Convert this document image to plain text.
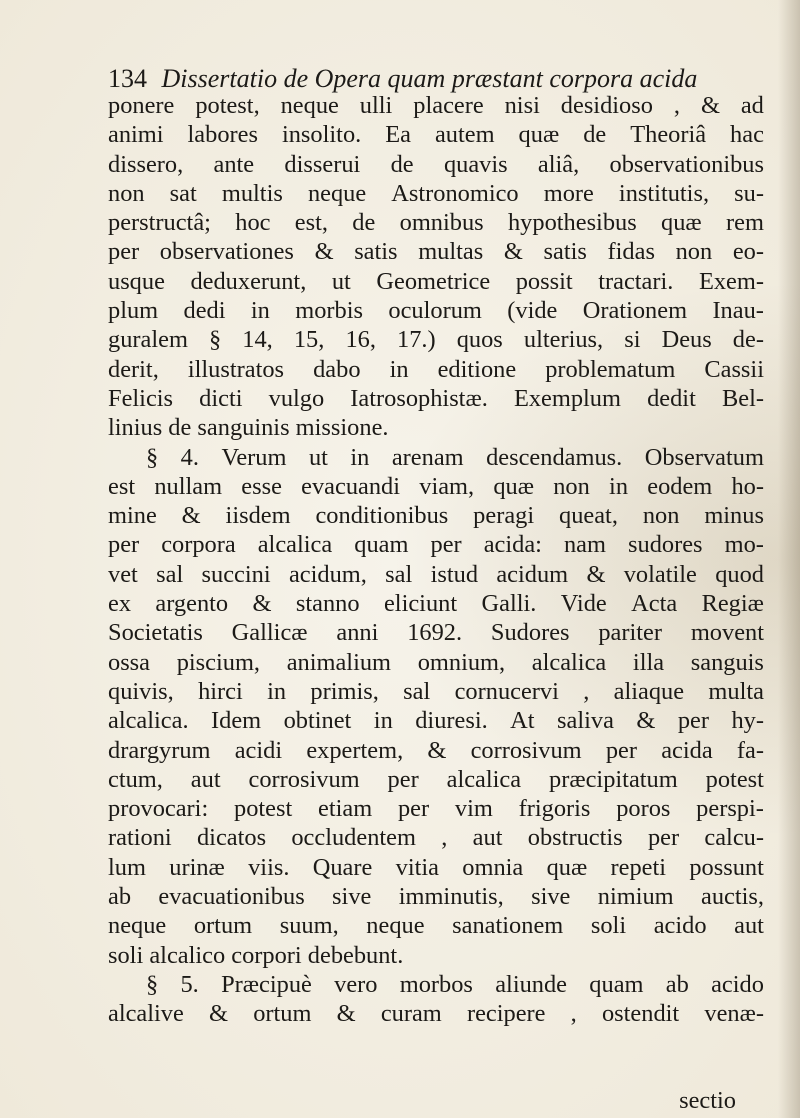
134 Dissertatio de Opera quam præstant corpora acida
ponere potest, neque ulli placere nisi desidioso , & ad
animi labores insolito. Ea autem quæ de Theoriâ hac
dissero, ante disserui de quavis aliâ, observationibus
non sat multis neque Astronomico more institutis, su-
perstructâ; hoc est, de omnibus hypothesibus quæ rem
per observationes & satis multas & satis fidas non eo-
usque deduxerunt, ut Geometrice possit tractari. Exem-
plum dedi in morbis oculorum (vide Orationem Inau-
guralem § 14, 15, 16, 17.) quos ulterius, si Deus de-
derit, illustratos dabo in editione problematum Cassii
Felicis dicti vulgo Iatrosophistæ. Exemplum dedit Bel-
linius de sanguinis missione.
§ 4. Verum ut in arenam descendamus. Observatum
est nullam esse evacuandi viam, quæ non in eodem ho-
mine & iisdem conditionibus peragi queat, non minus
per corpora alcalica quam per acida: nam sudores mo-
vet sal succini acidum, sal istud acidum & volatile quod
ex argento & stanno eliciunt Galli. Vide Acta Regiæ
Societatis Gallicæ anni 1692. Sudores pariter movent
ossa piscium, animalium omnium, alcalica illa sanguis
quivis, hirci in primis, sal cornucervi , aliaque multa
alcalica. Idem obtinet in diuresi. At saliva & per hy-
drargyrum acidi expertem, & corrosivum per acida fa-
ctum, aut corrosivum per alcalica præcipitatum potest
provocari: potest etiam per vim frigoris poros perspi-
rationi dicatos occludentem , aut obstructis per calcu-
lum urinæ viis. Quare vitia omnia quæ repeti possunt
ab evacuationibus sive imminutis, sive nimium auctis,
neque ortum suum, neque sanationem soli acido aut
soli alcalico corpori debebunt.
§ 5. Præcipuè vero morbos aliunde quam ab acido
alcalive & ortum & curam recipere , ostendit venæ-
sectio
